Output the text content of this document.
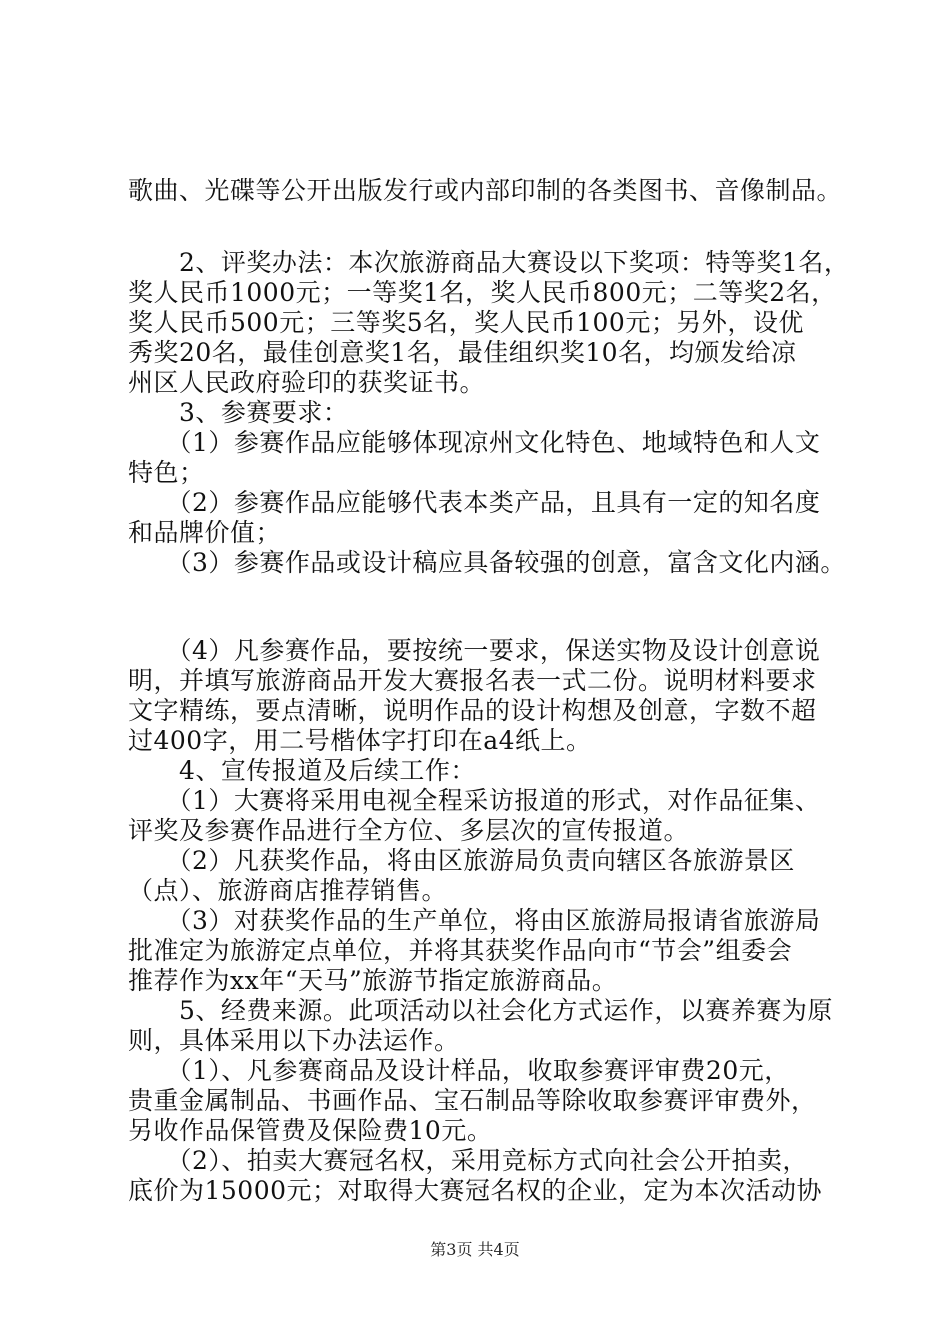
歌曲、光碟等公开出版发行或内部印制的各类图书、音像制品。
　　2、评奖办法：本次旅游商品大赛设以下奖项：特等奖1名，
奖人民币1000元；一等奖1名，奖人民币800元；二等奖2名，
奖人民币500元；三等奖5名，奖人民币100元；另外，设优
秀奖20名，最佳创意奖1名，最佳组织奖10名，均颁发给凉
州区人民政府验印的获奖证书。
　　3、参赛要求：
　　（1）参赛作品应能够体现凉州文化特色、地域特色和人文
特色；
　　（2）参赛作品应能够代表本类产品，且具有一定的知名度
和品牌价值；
　　（3）参赛作品或设计稿应具备较强的创意，富含文化内涵。
　　（4）凡参赛作品，要按统一要求，保送实物及设计创意说
明，并填写旅游商品开发大赛报名表一式二份。说明材料要求
文字精练，要点清晰，说明作品的设计构想及创意，字数不超
过400字，用二号楷体字打印在a4纸上。
　　4、宣传报道及后续工作：
　　（1）大赛将采用电视全程采访报道的形式，对作品征集、
评奖及参赛作品进行全方位、多层次的宣传报道。
　　（2）凡获奖作品，将由区旅游局负责向辖区各旅游景区
（点）、旅游商店推荐销售。
　　（3）对获奖作品的生产单位，将由区旅游局报请省旅游局
批准定为旅游定点单位，并将其获奖作品向市“节会”组委会
推荐作为xx年“天马”旅游节指定旅游商品。
　　5、经费来源。此项活动以社会化方式运作，以赛养赛为原
则，具体采用以下办法运作。
　　（1）、凡参赛商品及设计样品，收取参赛评审费20元，
贵重金属制品、书画作品、宝石制品等除收取参赛评审费外，
另收作品保管费及保险费10元。
　　（2）、拍卖大赛冠名权，采用竞标方式向社会公开拍卖，
底价为15000元；对取得大赛冠名权的企业，定为本次活动协
第3页 共4页
